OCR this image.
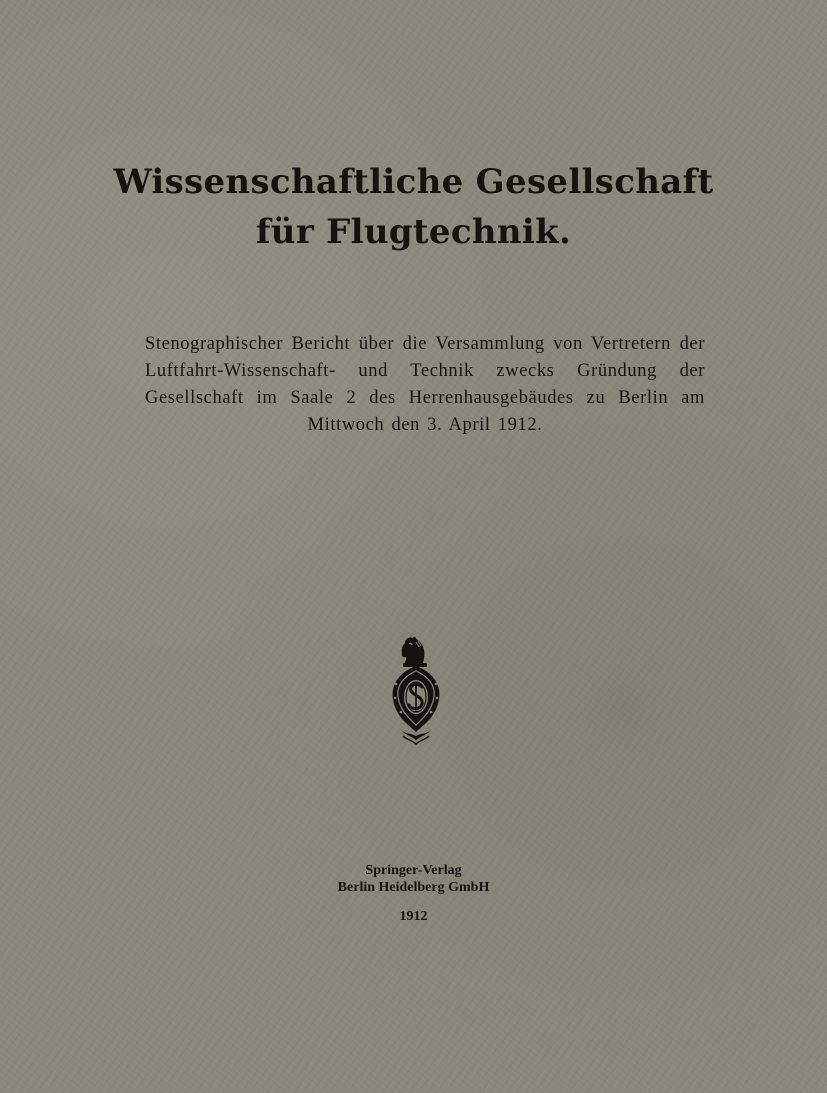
Wissenschaftliche Gesellschaft
für Flugtechnik.

Stenographischer Bericht über die Versammlung von Vertretern der Luftfahrt-Wissenschaft- und Technik zwecks Gründung der Gesellschaft im Saale 2 des Herrenhausgebäudes zu Berlin am Mittwoch den 3. April 1912.

Springer-Verlag
Berlin Heidelberg GmbH
1912
